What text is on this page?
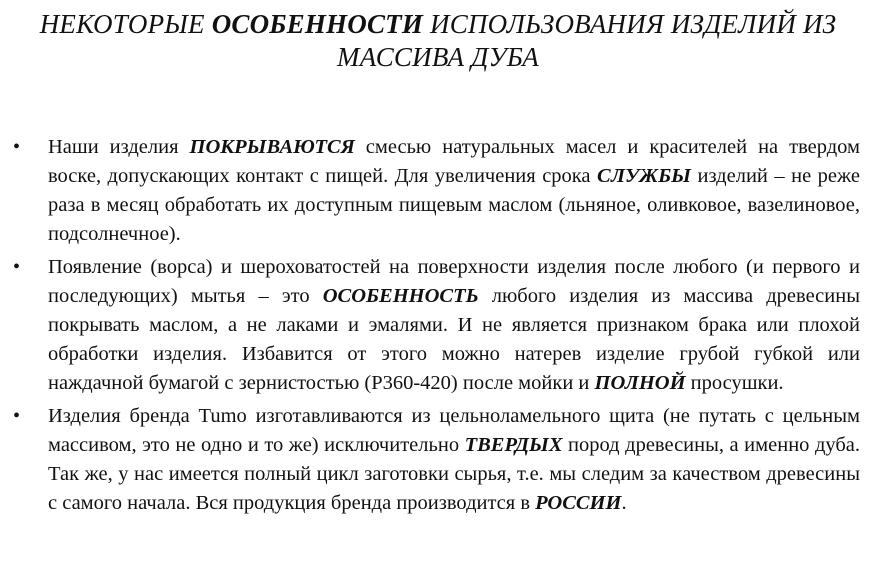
НЕКОТОРЫЕ ОСОБЕННОСТИ ИСПОЛЬЗОВАНИЯ ИЗДЕЛИЙ ИЗ МАССИВА ДУБА
• Наши изделия ПОКРЫВАЮТСЯ смесью натуральных масел и красителей на твердом воске, допускающих контакт с пищей. Для увеличения срока СЛУЖБЫ изделий – не реже раза в месяц обработать их доступным пищевым маслом (льняное, оливковое, вазелиновое, подсолнечное).
• Появление (ворса) и шероховатостей на поверхности изделия после любого (и первого и последующих) мытья – это ОСОБЕННОСТЬ любого изделия из массива древесины покрывать маслом, а не лаками и эмалями. И не является признаком брака или плохой обработки изделия. Избавится от этого можно натерев изделие грубой губкой или наждачной бумагой с зернистостью (Р360-420) после мойки и ПОЛНОЙ просушки.
• Изделия бренда Tumo изготавливаются из цельноламельного щита (не путать с цельным массивом, это не одно и то же) исключительно ТВЕРДЫХ пород древесины, а именно дуба. Так же, у нас имеется полный цикл заготовки сырья, т.е. мы следим за качеством древесины с самого начала. Вся продукция бренда производится в РОССИИ.
